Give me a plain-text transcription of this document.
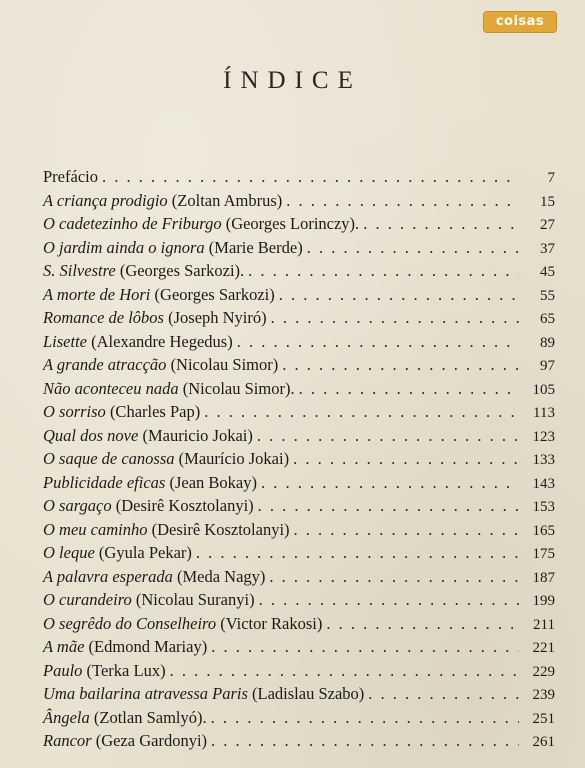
coisas
ÍNDICE
Prefácio . . .	7
A criança prodigio (Zoltan Ambrus) . . .	15
O cadetezinho de Friburgo (Georges Lorinczy). . . .	27
O jardim ainda o ignora (Marie Berde) . . .	37
S. Silvestre (Georges Sarkozi). . . .	45
A morte de Hori (Georges Sarkozi) . . .	55
Romance de lôbos (Joseph Nyiró) . . .	65
Lisette (Alexandre Hegedus) . . .	89
A grande atracção (Nicolau Simor) . . .	97
Não aconteceu nada (Nicolau Simor). . . .	105
O sorriso (Charles Pap) . . .	113
Qual dos nove (Mauricio Jokai) . . .	123
O saque de canossa (Maurício Jokai) . . .	133
Publicidade eficas (Jean Bokay) . . .	143
O sargaço (Desirê Kosztolanyi) . . .	153
O meu caminho (Desirê Kosztolanyi) . . .	165
O leque (Gyula Pekar) . . .	175
A palavra esperada (Meda Nagy) . . .	187
O curandeiro (Nicolau Suranyi) . . .	199
O segrêdo do Conselheiro (Victor Rakosi) . . .	211
A mãe (Edmond Mariay) . . .	221
Paulo (Terka Lux) . . .	229
Uma bailarina atravessa Paris (Ladislau Szabo) . . .	239
Ângela (Zotlan Samlyó). . . .	251
Rancor (Geza Gardonyi) . . .	261
